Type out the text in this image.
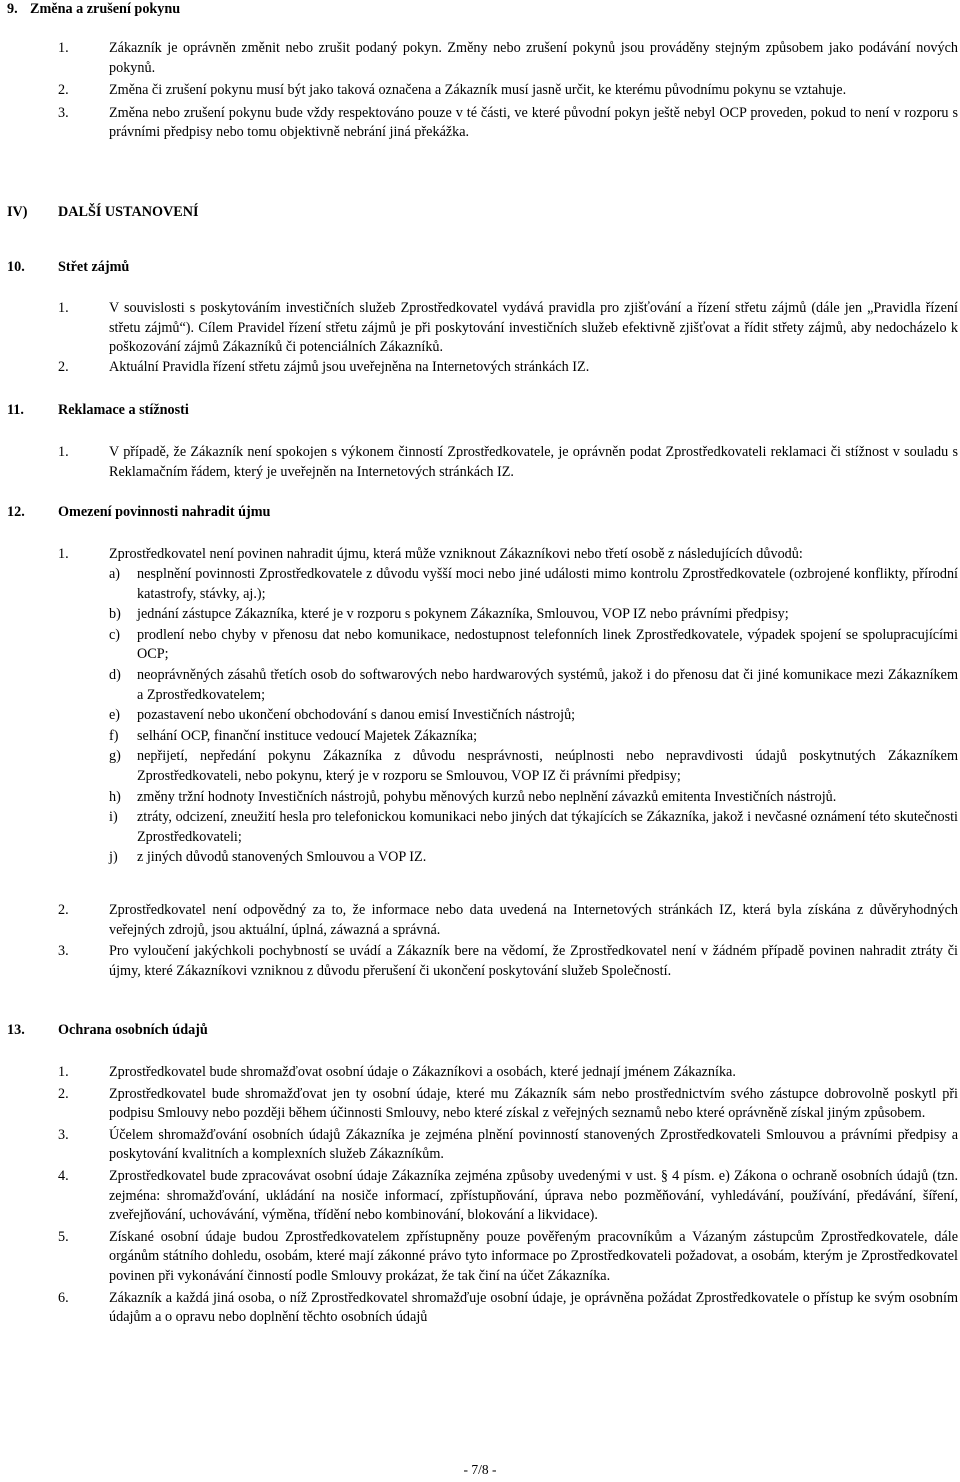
9. Změna a zrušení pokynu
1.	Zákazník je oprávněn změnit nebo zrušit podaný pokyn. Změny nebo zrušení pokynů jsou prováděny stejným způsobem jako podávání nových pokynů.
2.	Změna či zrušení pokynu musí být jako taková označena a Zákazník musí jasně určit, ke kterému původnímu pokynu se vztahuje.
3.	Změna nebo zrušení pokynu bude vždy respektováno pouze v té části, ve které původní pokyn ještě nebyl OCP proveden, pokud to není v rozporu s právními předpisy nebo tomu objektivně nebrání jiná překážka.
IV) DALŠÍ USTANOVENÍ
10. Střet zájmů
1.	V souvislosti s poskytováním investičních služeb Zprostředkovatel vydává pravidla pro zjišťování a řízení střetu zájmů (dále jen „Pravidla řízení střetu zájmů“). Cílem Pravidel řízení střetu zájmů je při poskytování investičních služeb efektivně zjišťovat a řídit střety zájmů, aby nedocházelo k poškozování zájmů Zákazníků či potenciálních Zákazníků.
2.	Aktuální Pravidla řízení střetu zájmů jsou uveřejněna na Internetových stránkách IZ.
11. Reklamace a stížnosti
1.	V případě, že Zákazník není spokojen s výkonem činností Zprostředkovatele, je oprávněn podat Zprostředkovateli reklamaci či stížnost v souladu s Reklamačním řádem, který je uveřejněn na Internetových stránkách IZ.
12. Omezení povinnosti nahradit újmu
1.	Zprostředkovatel není povinen nahradit újmu, která může vzniknout Zákazníkovi nebo třetí osobě z následujících důvodů:
a) nesplnění povinnosti Zprostředkovatele z důvodu vyšší moci nebo jiné události mimo kontrolu Zprostředkovatele (ozbrojené konflikty, přírodní katastrofy, stávky, aj.);
b) jednání zástupce Zákazníka, které je v rozporu s pokynem Zákazníka, Smlouvou, VOP IZ nebo právními předpisy;
c) prodlení nebo chyby v přenosu dat nebo komunikace, nedostupnost telefonních linek Zprostředkovatele, výpadek spojení se spolupracujícími OCP;
d) neoprávněných zásahů třetích osob do softwarových nebo hardwarových systémů, jakož i do přenosu dat či jiné komunikace mezi Zákazníkem a Zprostředkovatelem;
e) pozastavení nebo ukončení obchodování s danou emisí Investičních nástrojů;
f) selhání OCP, finanční instituce vedoucí Majetek Zákazníka;
g) nepřijetí, nepředání pokynu Zákazníka z důvodu nesprávnosti, neúplnosti nebo nepravdivosti údajů poskytnutých Zákazníkem Zprostředkovateli, nebo pokynu, který je v rozporu se Smlouvou, VOP IZ či právními předpisy;
h) změny tržní hodnoty Investičních nástrojů, pohybu měnových kurzů nebo neplnění závazků emitenta Investičních nástrojů.
i) ztráty, odcizení, zneužití hesla pro telefonickou komunikaci nebo jiných dat týkajících se Zákazníka, jakož i nevčasné oznámení této skutečnosti Zprostředkovateli;
j) z jiných důvodů stanovených Smlouvou a VOP IZ.
2.	Zprostředkovatel není odpovědný za to, že informace nebo data uvedená na Internetových stránkách IZ, která byla získána z důvěryhodných veřejných zdrojů, jsou aktuální, úplná, záwazná a správná.
3.	Pro vyloučení jakýchkoli pochybností se uvádí a Zákazník bere na vědomí, že Zprostředkovatel není v žádném případě povinen nahradit ztráty či újmy, které Zákazníkovi vzniknou z důvodu přerušení či ukončení poskytování služeb Společností.
13. Ochrana osobních údajů
1.	Zprostředkovatel bude shromažďovat osobní údaje o Zákazníkovi a osobách, které jednají jménem Zákazníka.
2.	Zprostředkovatel bude shromažďovat jen ty osobní údaje, které mu Zákazník sám nebo prostřednictvím svého zástupce dobrovolně poskytl při podpisu Smlouvy nebo později během účinnosti Smlouvy, nebo které získal z veřejných seznamů nebo které oprávněně získal jiným způsobem.
3.	Účelem shromažďování osobních údajů Zákazníka je zejména plnění povinností stanovených Zprostředkovateli Smlouvou a právními předpisy a poskytování kvalitních a komplexních služeb Zákazníkům.
4.	Zprostředkovatel bude zpracovávat osobní údaje Zákazníka zejména způsoby uvedenými v ust. § 4 písm. e) Zákona o ochraně osobních údajů (tzn. zejména: shromažďování, ukládání na nosiče informací, zpřístupňování, úprava nebo pozměňování, vyhledávání, používání, předávání, šíření, zveřejňování, uchovávání, výměna, třídění nebo kombinování, blokování a likvidace).
5.	Získané osobní údaje budou Zprostředkovatelem zpřístupněny pouze pověřeným pracovníkům a Vázaným zástupcům Zprostředkovatele, dále orgánům státního dohledu, osobám, které mají zákonné právo tyto informace po Zprostředkovateli požadovat, a osobám, kterým je Zprostředkovatel povinen při vykonávání činností podle Smlouvy prokázat, že tak činí na účet Zákazníka.
6.	Zákazník a každá jiná osoba, o níž Zprostředkovatel shromažďuje osobní údaje, je oprávněna požádat Zprostředkovatele o přístup ke svým osobním údajům a o opravu nebo doplnění těchto osobních údajů
- 7/8 -
